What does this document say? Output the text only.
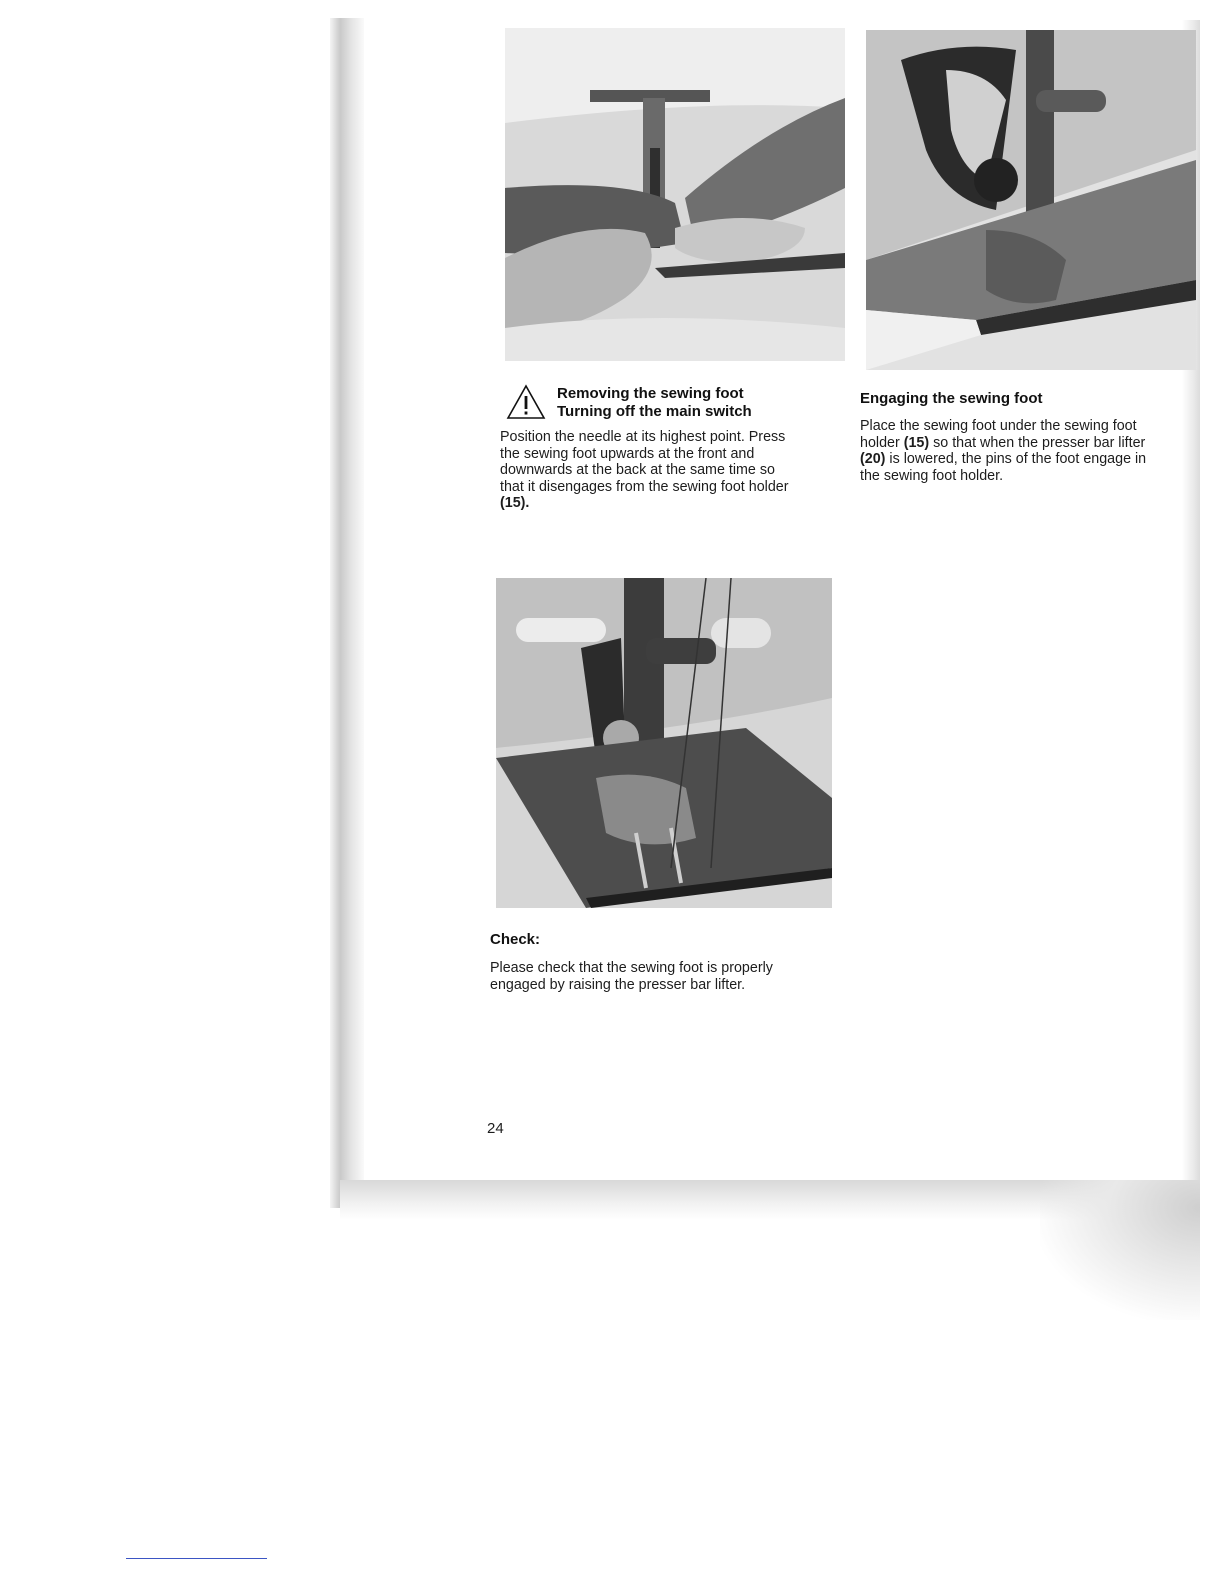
Removing the sewing foot
Turning off the main switch
Position the needle at its highest point. Press
the sewing foot upwards at the front and
downwards at the back at the same time so
that it disengages from the sewing foot holder
(15).
Engaging the sewing foot
Place the sewing foot under the sewing foot
holder (15) so that when the presser bar lifter
(20) is lowered, the pins of the foot engage in
the sewing foot holder.
Check:
Please check that the sewing foot is properly
engaged by raising the presser bar lifter.
24
